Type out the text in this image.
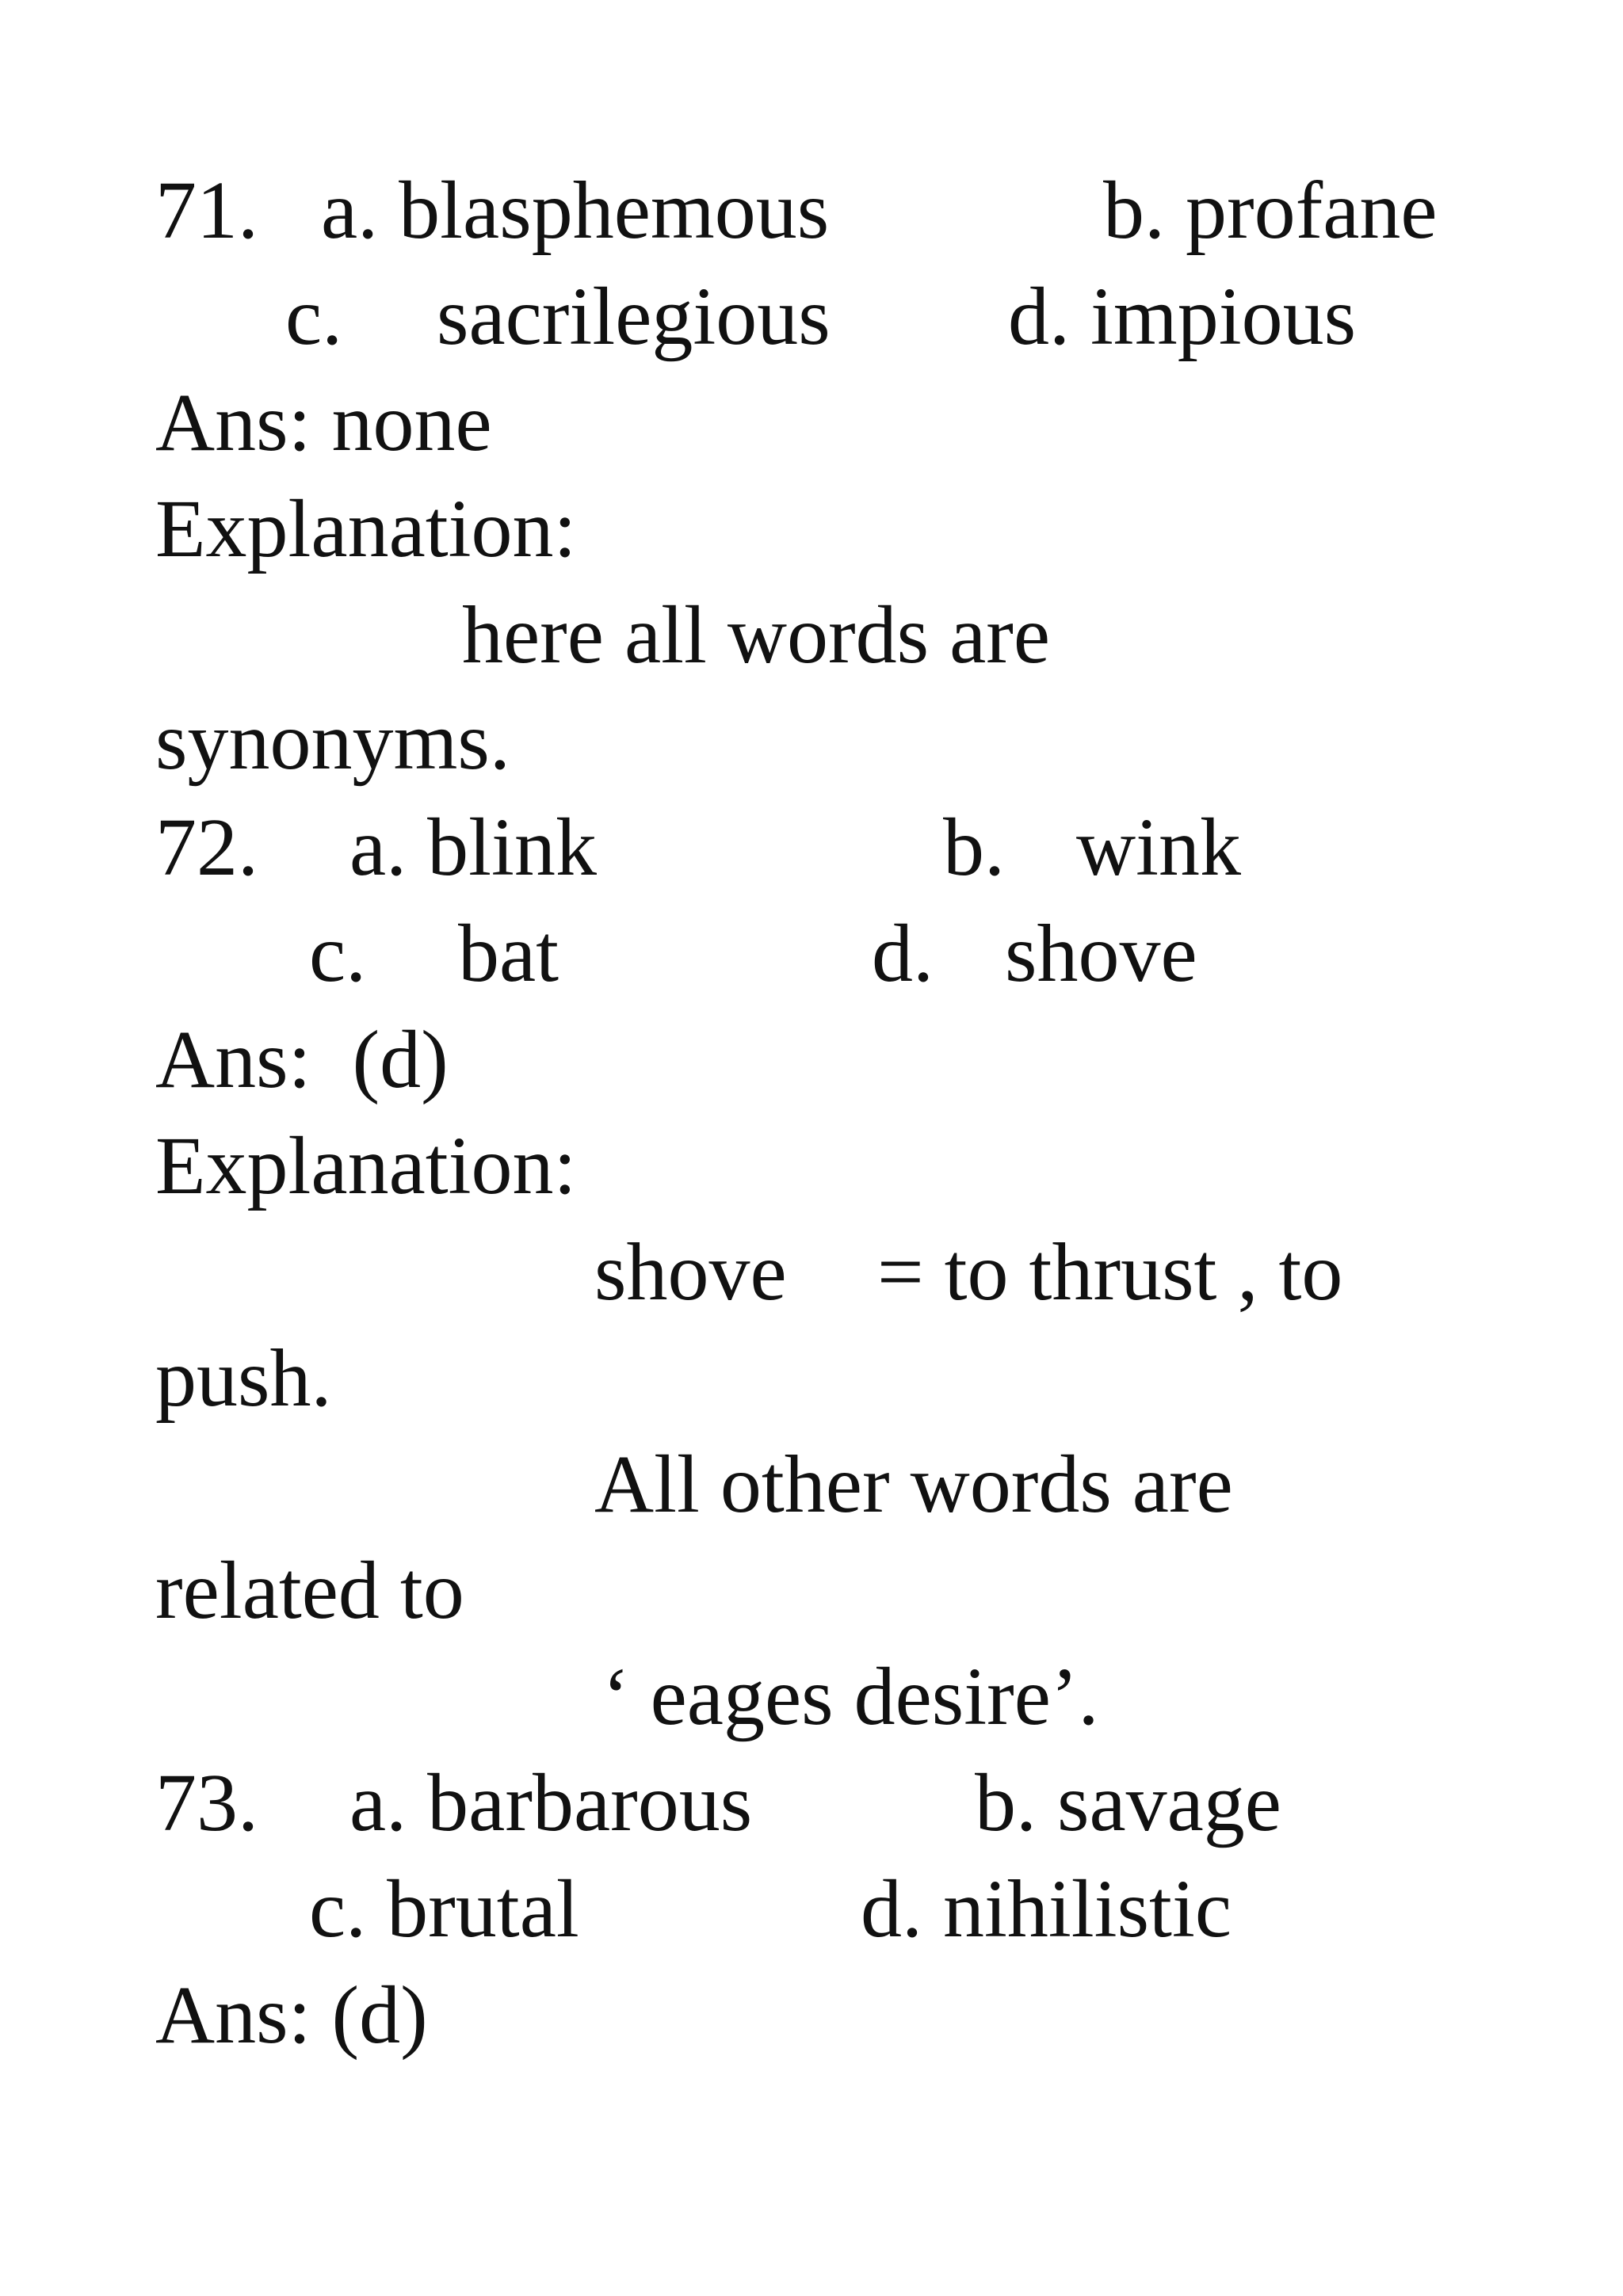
71. a. blasphemous	b. profane
c. sacrilegious d. impious
Ans: none
Explanation:
here all words are
synonyms.
72. a. blink	b. wink
c. bat	d. shove
Ans:  (d)
Explanation:
shove = to thrust , to
push.
All other words are
related to
‘ eages desire’.
73. a. barbarous	b. savage
c. brutal	d. nihilistic
Ans: (d)
